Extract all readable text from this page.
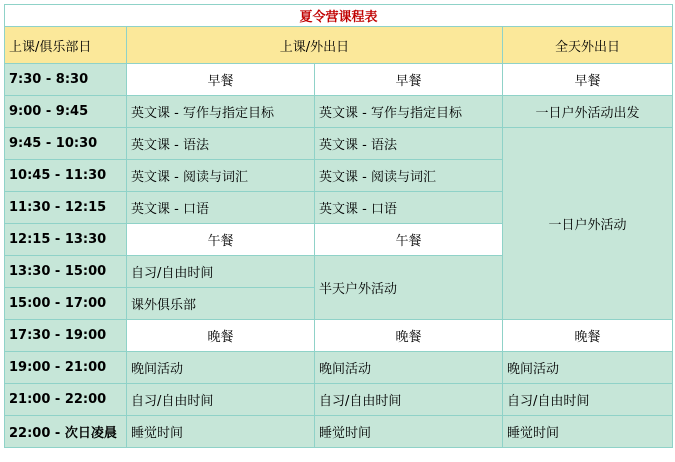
夏令营课程表			
上课/俱乐部日	上课/外出日		全天外出日
7:30 - 8:30	早餐	早餐	早餐
9:00 - 9:45	英文课 - 写作与指定目标	英文课 - 写作与指定目标	一日户外活动出发
9:45 - 10:30	英文课 - 语法	英文课 - 语法	一日户外活动
10:45 - 11:30	英文课 - 阅读与词汇	英文课 - 阅读与词汇	
11:30 - 12:15	英文课 - 口语	英文课 - 口语	
12:15 - 13:30	午餐	午餐	
13:30 - 15:00	自习/自由时间	半天户外活动	
15:00 - 17:00	课外俱乐部		
17:30 - 19:00	晚餐	晚餐	晚餐
19:00 - 21:00	晚间活动	晚间活动	晚间活动
21:00 - 22:00	自习/自由时间	自习/自由时间	自习/自由时间
22:00 - 次日凌晨	睡觉时间	睡觉时间	睡觉时间
